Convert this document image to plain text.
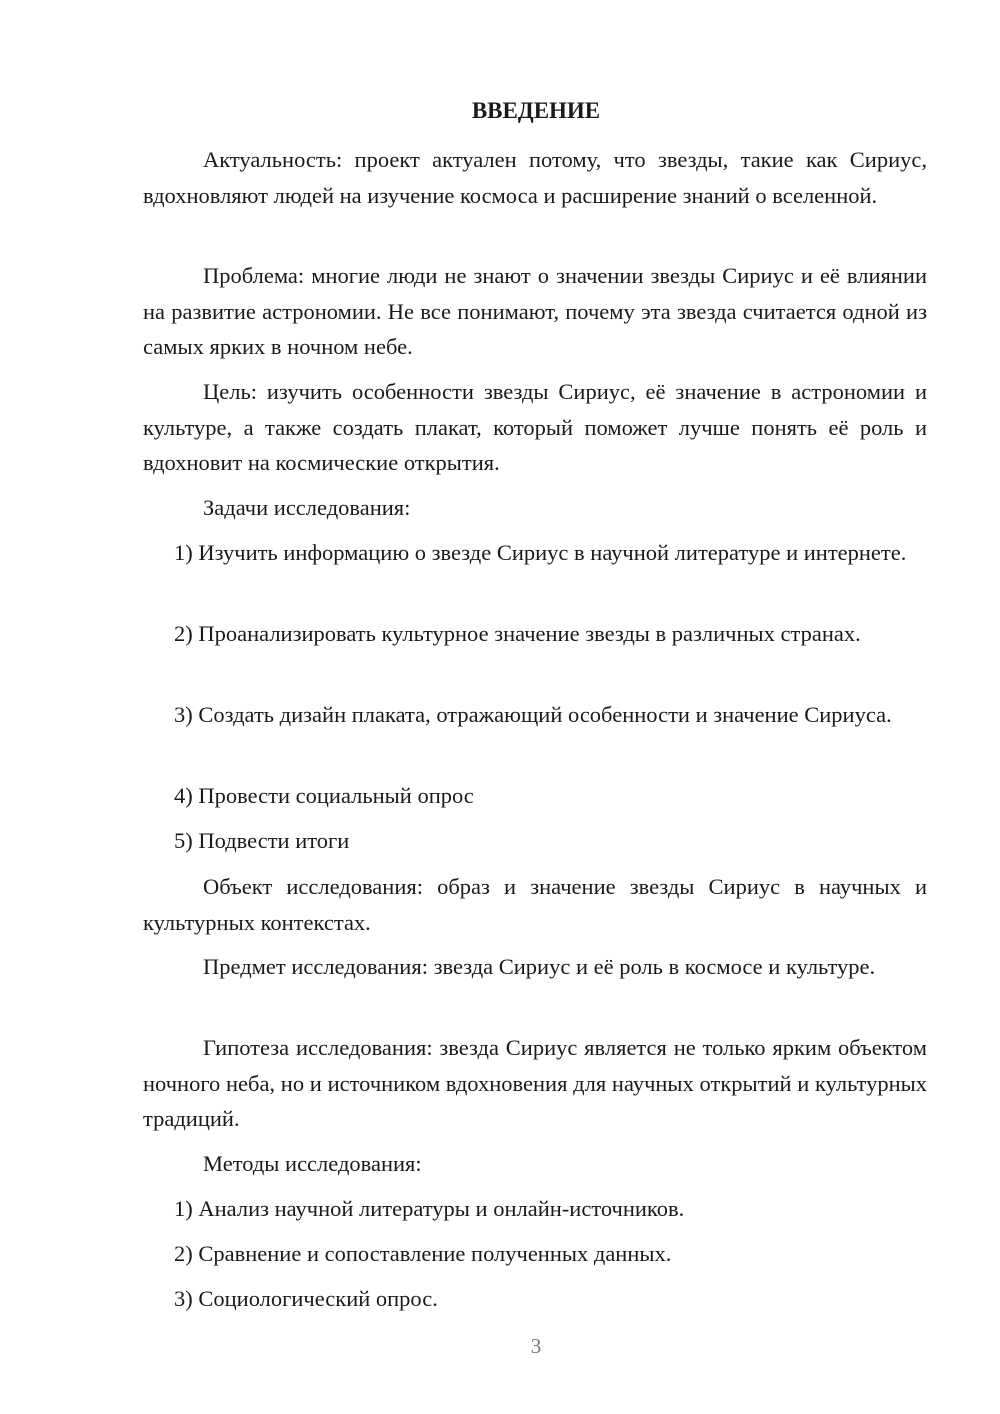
ВВЕДЕНИЕ
Актуальность: проект актуален потому, что звезды, такие как Сириус, вдохновляют людей на изучение космоса и расширение знаний о вселенной.
Проблема: многие люди не знают о значении звезды Сириус и её влиянии на развитие астрономии. Не все понимают, почему эта звезда считается одной из самых ярких в ночном небе.
Цель: изучить особенности звезды Сириус, её значение в астрономии и культуре, а также создать плакат, который поможет лучше понять её роль и вдохновит на космические открытия.
Задачи исследования:
1) Изучить информацию о звезде Сириус в научной литературе и интернете.
2) Проанализировать культурное значение звезды в различных странах.
3) Создать дизайн плаката, отражающий особенности и значение Сириуса.
4) Провести социальный опрос
5) Подвести итоги
Объект исследования: образ и значение звезды Сириус в научных и культурных контекстах.
Предмет исследования: звезда Сириус и её роль в космосе и культуре.
Гипотеза исследования: звезда Сириус является не только ярким объектом ночного неба, но и источником вдохновения для научных открытий и культурных традиций.
Методы исследования:
1) Анализ научной литературы и онлайн-источников.
2) Сравнение и сопоставление полученных данных.
3) Социологический опрос.
3
